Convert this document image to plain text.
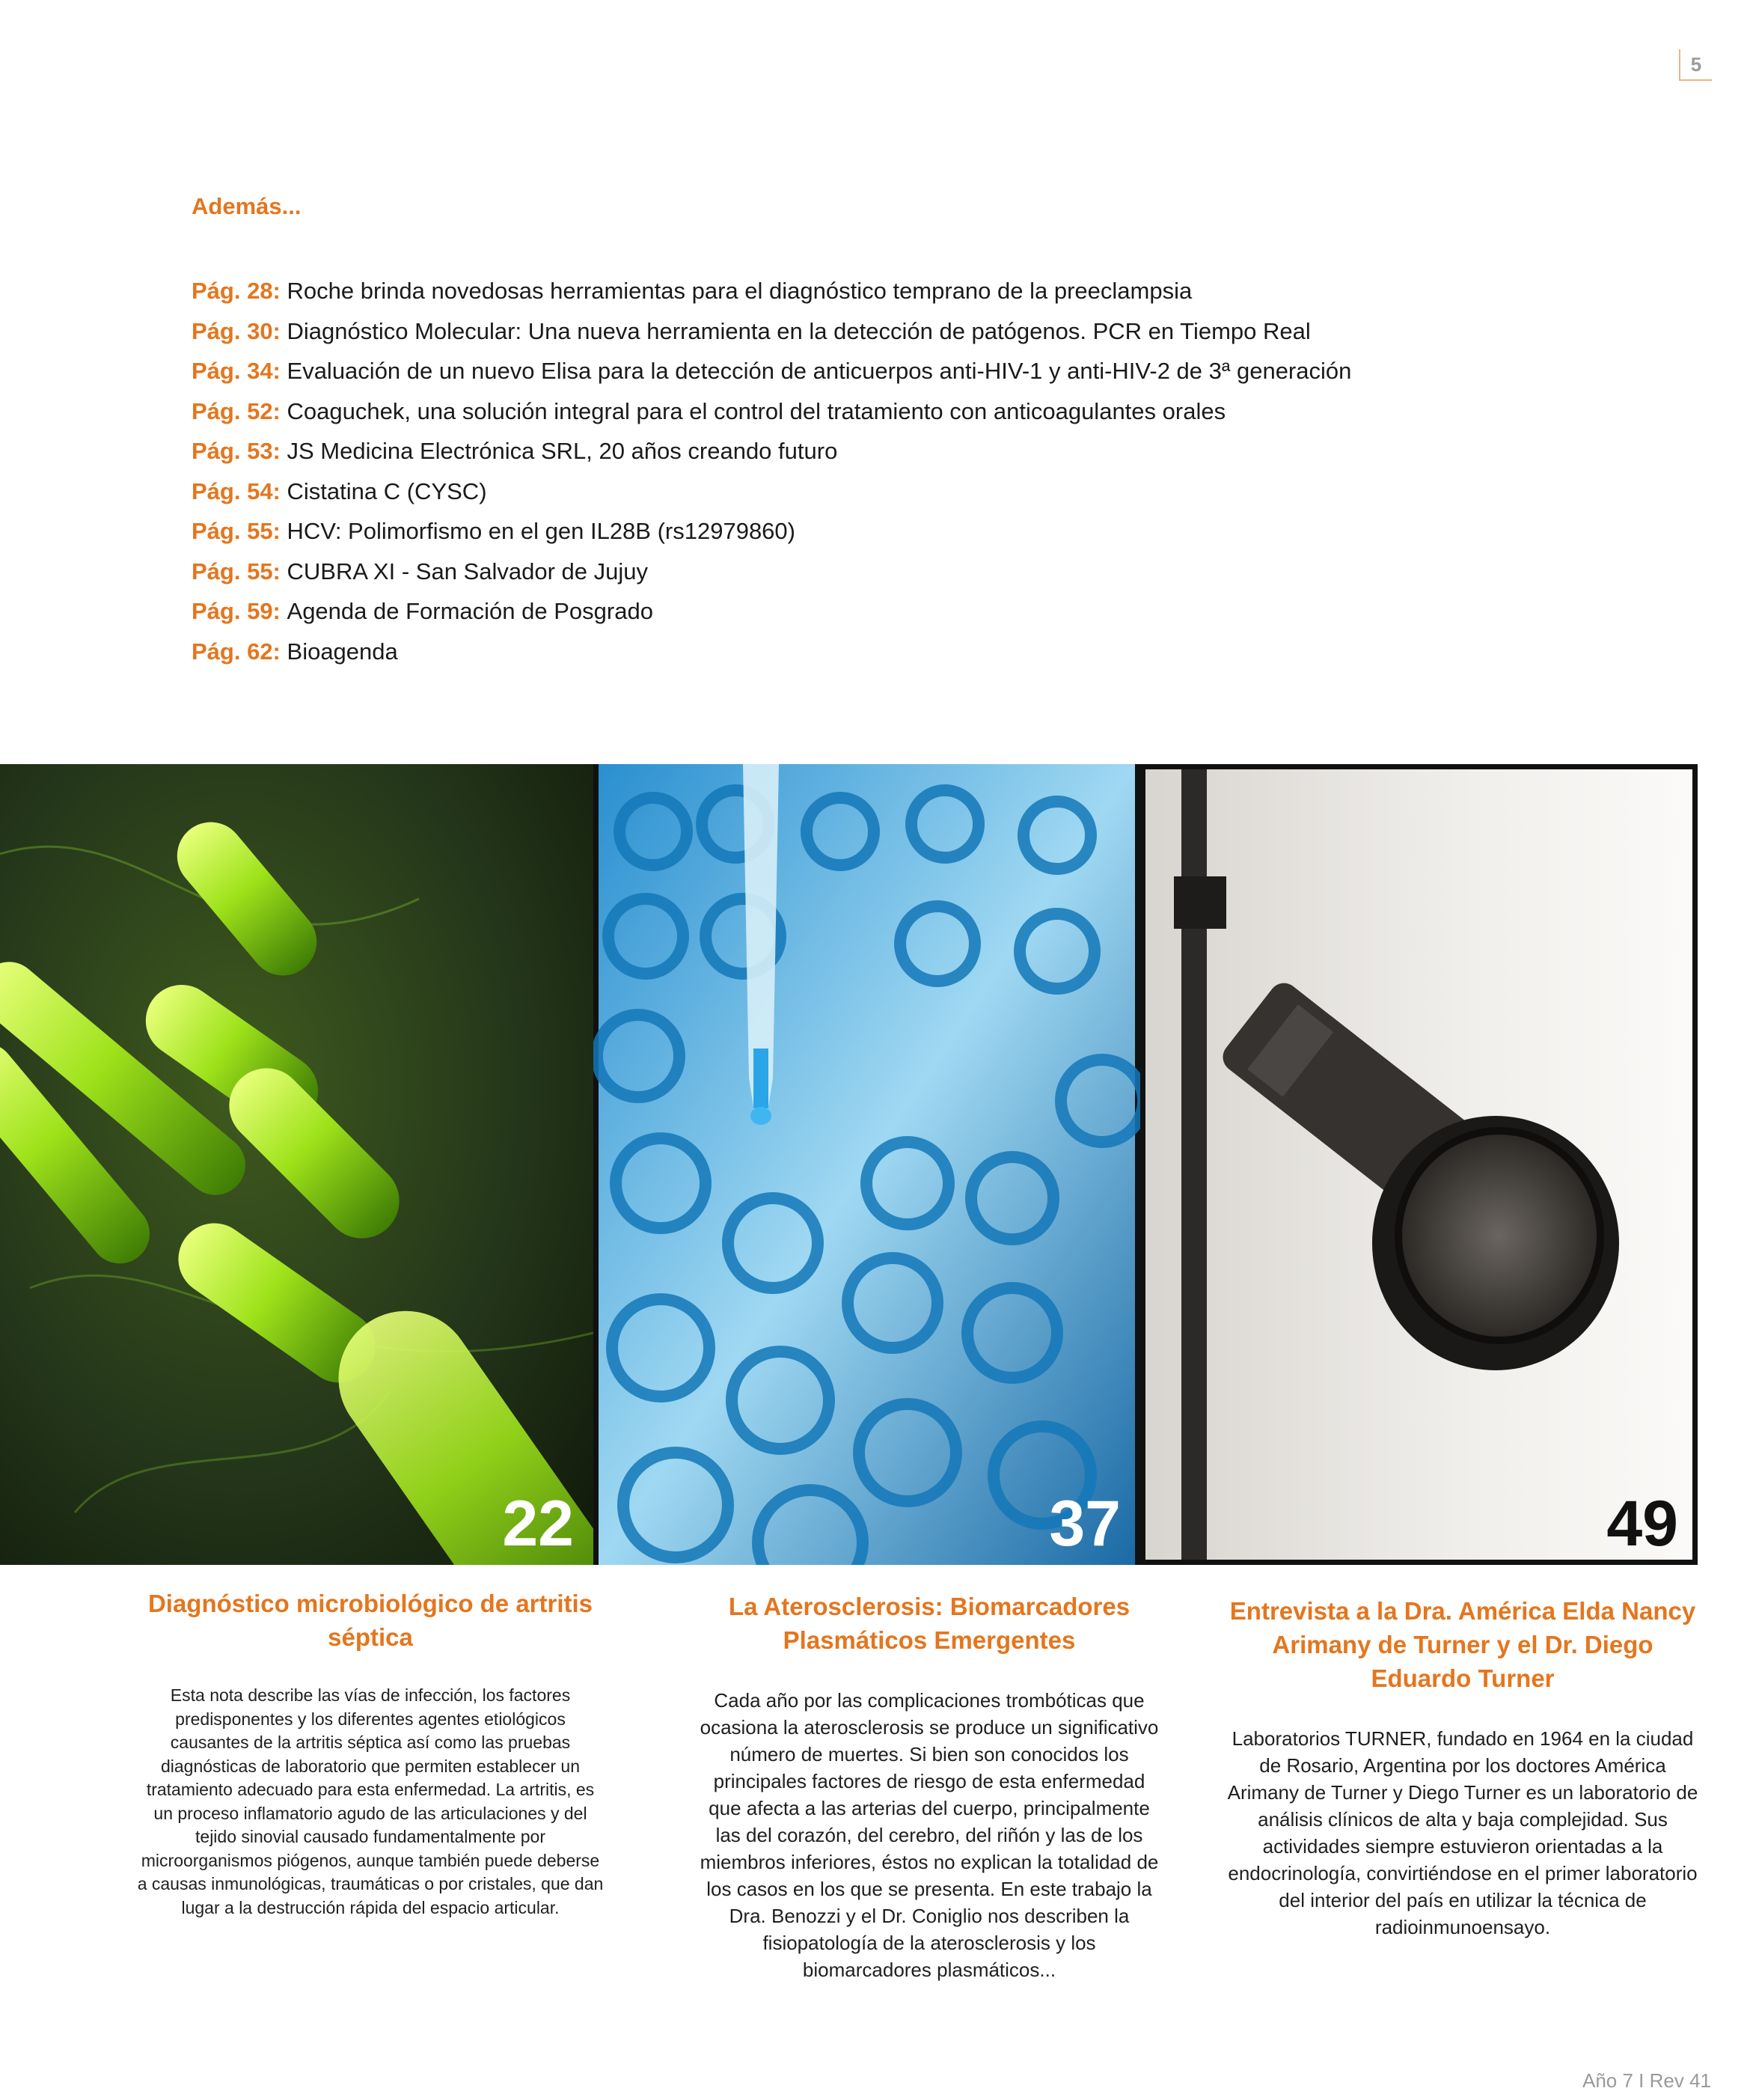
5
Además...
Pág. 28: Roche brinda novedosas herramientas para el diagnóstico temprano de la preeclampsia
Pág. 30: Diagnóstico Molecular: Una nueva herramienta en la detección de patógenos. PCR en Tiempo Real
Pág. 34: Evaluación de un nuevo Elisa para la detección de anticuerpos anti-HIV-1 y anti-HIV-2 de 3ª generación
Pág. 52: Coaguchek, una solución integral para el control del tratamiento con anticoagulantes orales
Pág. 53: JS Medicina Electrónica SRL, 20 años creando futuro
Pág. 54: Cistatina C (CYSC)
Pág. 55: HCV: Polimorfismo en el gen IL28B (rs12979860)
Pág. 55: CUBRA XI - San Salvador de Jujuy
Pág. 59: Agenda de Formación de Posgrado
Pág. 62: Bioagenda
22	37	49
Diagnóstico microbiológico de artritis séptica

Esta nota describe las vías de infección, los factores predisponentes y los diferentes agentes etiológicos causantes de la artritis séptica así como las pruebas diagnósticas de laboratorio que permiten establecer un tratamiento adecuado para esta enfermedad. La artritis, es un proceso inflamatorio agudo de las articulaciones y del tejido sinovial causado fundamentalmente por microorganismos piógenos, aunque también puede deberse a causas inmunológicas, traumáticas o por cristales, que dan lugar a la destrucción rápida del espacio articular.

La Aterosclerosis: Biomarcadores Plasmáticos Emergentes

Cada año por las complicaciones trombóticas que ocasiona la aterosclerosis se produce un significativo número de muertes. Si bien son conocidos los principales factores de riesgo de esta enfermedad que afecta a las arterias del cuerpo, principalmente las del corazón, del cerebro, del riñón y las de los miembros inferiores, éstos no explican la totalidad de los casos en los que se presenta. En este trabajo la Dra. Benozzi y el Dr. Coniglio nos describen la fisiopatología de la aterosclerosis y los biomarcadores plasmáticos...

Entrevista a la Dra. América Elda Nancy Arimany de Turner y el Dr. Diego Eduardo Turner

Laboratorios TURNER, fundado en 1964 en la ciudad de Rosario, Argentina por los doctores América Arimany de Turner y Diego Turner es un laboratorio de análisis clínicos de alta y baja complejidad. Sus actividades siempre estuvieron orientadas a la endocrinología, convirtiéndose en el primer laboratorio del interior del país en utilizar la técnica de radioinmunoensayo.

Año 7 I Rev 41
